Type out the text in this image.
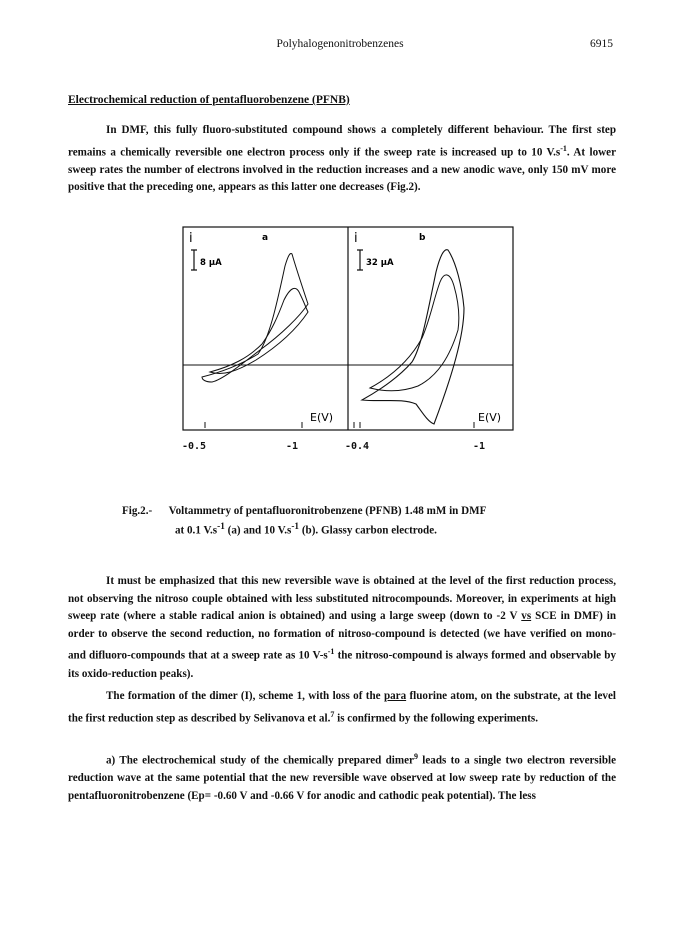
Polyhalogenonitrobenzenes	6915
Electrochemical reduction of pentafluorobenzene (PFNB)
In DMF, this fully fluoro-substituted compound shows a completely different behaviour. The first step remains a chemically reversible one electron process only if the sweep rate is increased up to 10 $V.s^{-1}$. At lower sweep rates the number of electrons involved in the reduction increases and a new anodic wave, only 150 mV more positive that the preceding one, appears as this latter one decreases (Fig.2).
a
i
8 µA
E(V)
b
i
32 µA
E(V)
-0.5	-1	-0.4	-1
Fig.2.- Voltammetry of pentafluoronitrobenzene (PFNB) 1.48 mM in DMF
at 0.1 $V.s^{-1}$ (a) and 10 $V.s^{-1}$ (b). Glassy carbon electrode.
It must be emphasized that this new reversible wave is obtained at the level of the first reduction process, not observing the nitroso couple obtained with less substituted nitrocompounds. Moreover, in experiments at high sweep rate (where a stable radical anion is obtained) and using a large sweep (down to -2 V vs SCE in DMF) in order to observe the second reduction, no formation of nitroso-compound is detected (we have verified on mono- and difluoro-compounds that at a sweep rate as 10 $V-s^{-1}$ the nitroso-compound is always formed and observable by its oxido-reduction peaks).
The formation of the dimer (I), scheme 1, with loss of the para fluorine atom, on the substrate, at the level the first reduction step as described by Selivanova et al.$^7$ is confirmed by the following experiments.
a) The electrochemical study of the chemically prepared dimer$^9$ leads to a single two electron reversible reduction wave at the same potential that the new reversible wave observed at low sweep rate by reduction of the pentafluoronitrobenzene (Ep= -0.60 V and -0.66 V for anodic and cathodic peak potential). The less
